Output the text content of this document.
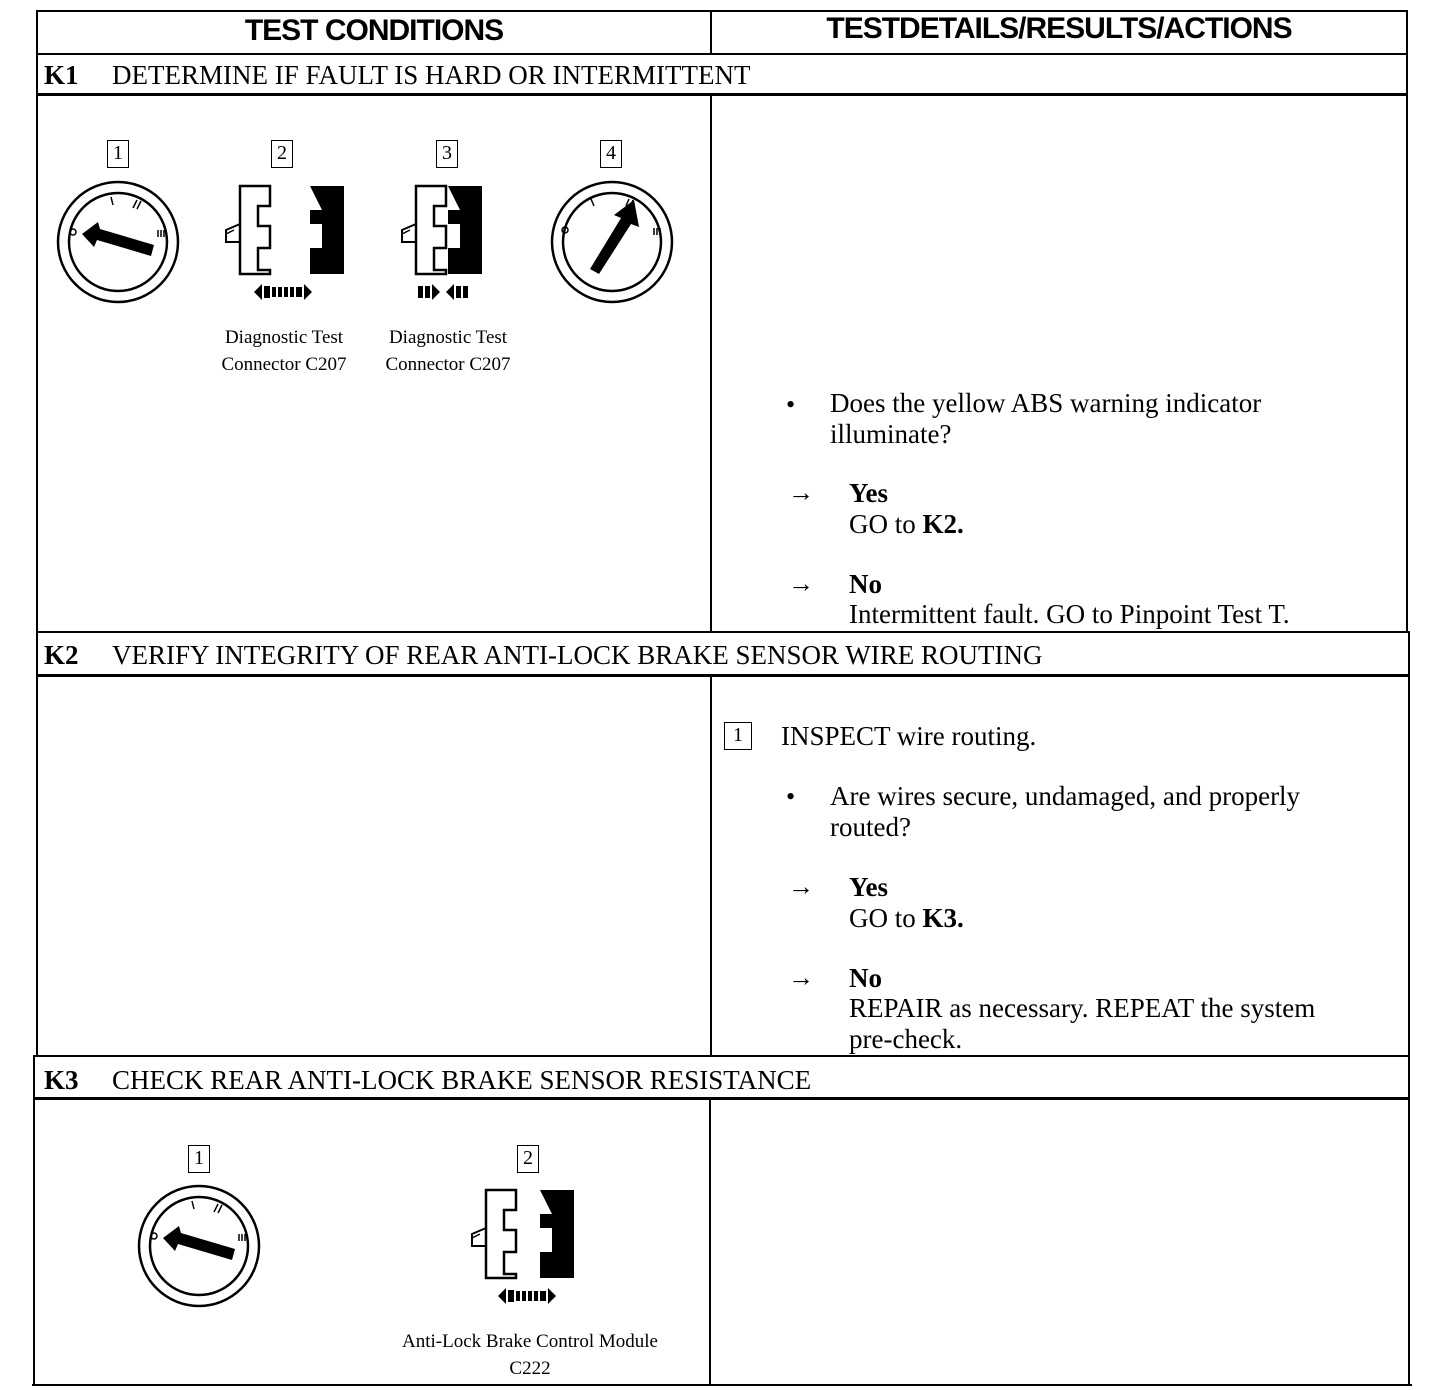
TEST CONDITIONS	TESTDETAILS/RESULTS/ACTIONS
K1 DETERMINE IF FAULT IS HARD OR INTERMITTENT
1	2	3	4
Diagnostic Test
Connector C207
Diagnostic Test
Connector C207
• Does the yellow ABS warning indicator
illuminate?
→ Yes
GO to K2.
→ No
Intermittent fault. GO to Pinpoint Test T.
K2 VERIFY INTEGRITY OF REAR ANTI-LOCK BRAKE SENSOR WIRE ROUTING
1	INSPECT wire routing.
• Are wires secure, undamaged, and properly
routed?
→ Yes
GO to K3.
→ No
REPAIR as necessary. REPEAT the system
pre-check.
K3 CHECK REAR ANTI-LOCK BRAKE SENSOR RESISTANCE
1	2
Anti-Lock Brake Control Module
C222
